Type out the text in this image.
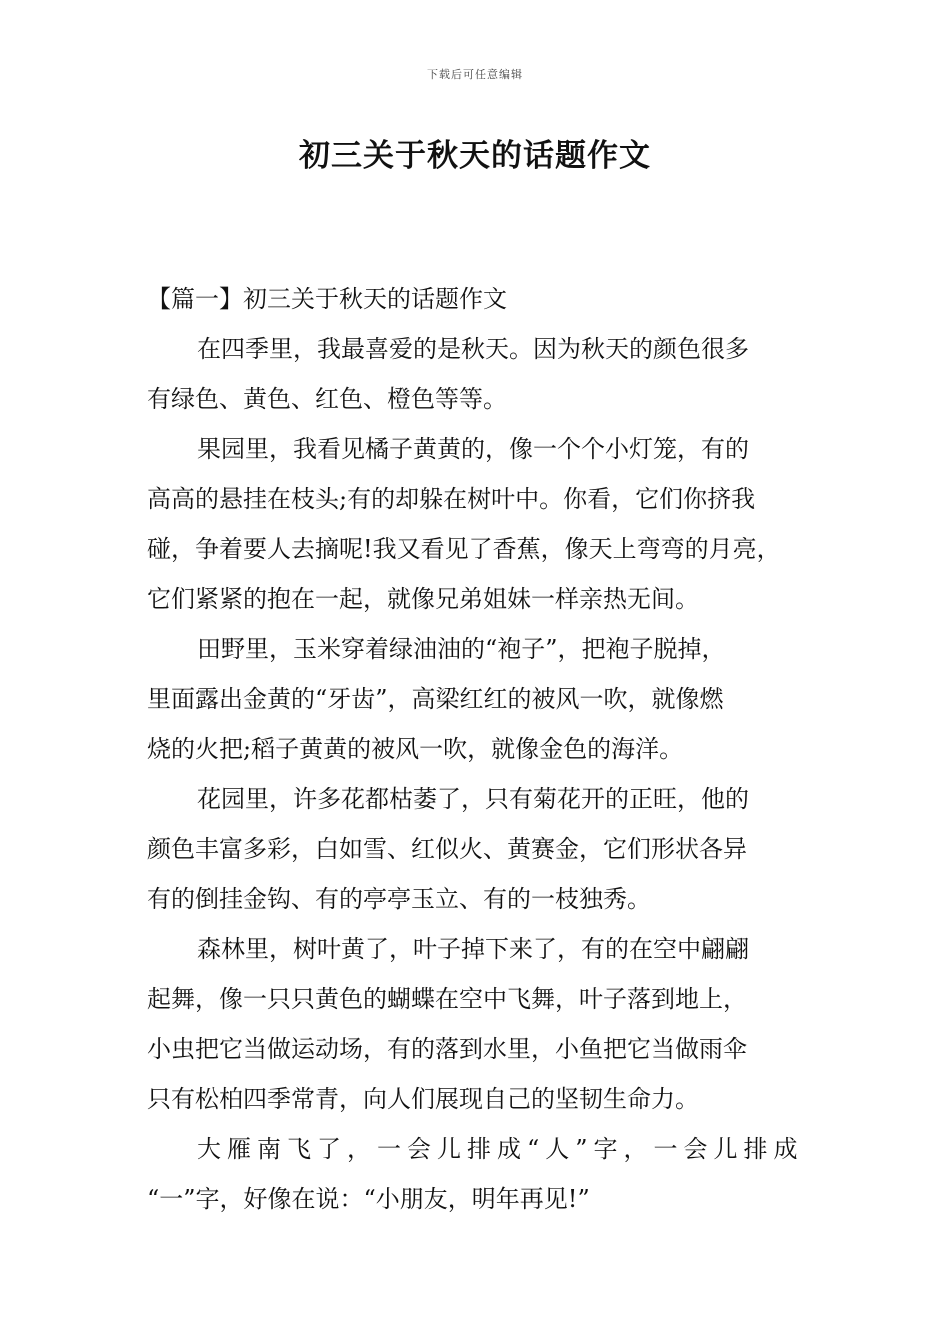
下载后可任意编辑
初三关于秋天的话题作文
【篇一】初三关于秋天的话题作文
在四季里，我最喜爱的是秋天。因为秋天的颜色很多
有绿色、黄色、红色、橙色等等。
果园里，我看见橘子黄黄的，像一个个小灯笼，有的
高高的悬挂在枝头;有的却躲在树叶中。你看，它们你挤我
碰，争着要人去摘呢!我又看见了香蕉，像天上弯弯的月亮，
它们紧紧的抱在一起，就像兄弟姐妹一样亲热无间。
田野里，玉米穿着绿油油的“袍子”，把袍子脱掉，
里面露出金黄的“牙齿”，高梁红红的被风一吹，就像燃
烧的火把;稻子黄黄的被风一吹，就像金色的海洋。
花园里，许多花都枯萎了，只有菊花开的正旺，他的
颜色丰富多彩，白如雪、红似火、黄赛金，它们形状各异
有的倒挂金钩、有的亭亭玉立、有的一枝独秀。
森林里，树叶黄了，叶子掉下来了，有的在空中翩翩
起舞，像一只只黄色的蝴蝶在空中飞舞，叶子落到地上，
小虫把它当做运动场，有的落到水里，小鱼把它当做雨伞
只有松柏四季常青，向人们展现自己的坚韧生命力。
大雁南飞了，一会儿排成“人”字，一会儿排成
“一”字，好像在说：“小朋友，明年再见!”
